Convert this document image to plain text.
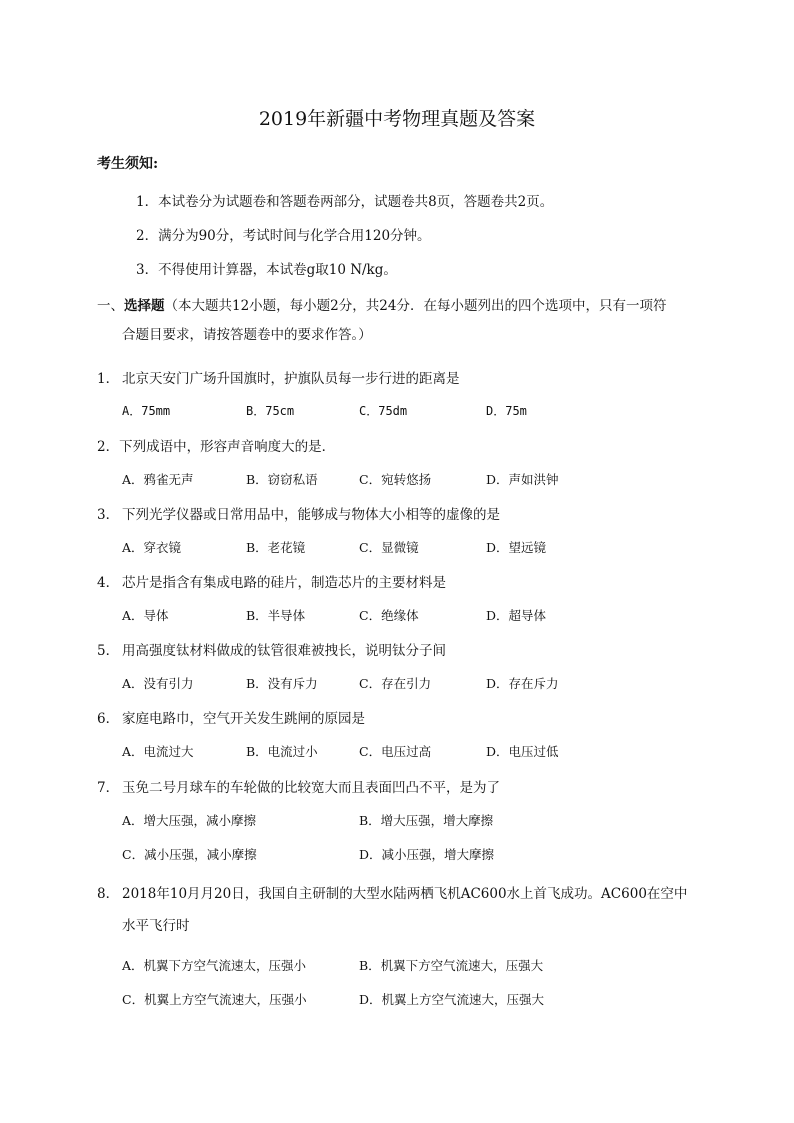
2019年新疆中考物理真题及答案
考生须知:
1．本试卷分为试题卷和答题卷两部分，试题卷共8页，答题卷共2页。
2．满分为90分，考试时间与化学合用120分钟。
3．不得使用计算器，本试卷g取10 N/kg。
一、选择题（本大题共12小题，每小题2分，共24分．在每小题列出的四个选项中，只有一项符
合题目要求，请按答题卷中的要求作答。）
1． 北京天安门广场升国旗时，护旗队员每一步行进的距离是
A．75mm	B．75cm	C．75dm	D．75m
2．下列成语中，形容声音响度大的是．
A．鸦雀无声	B．窃窃私语	C．宛转悠扬	D．声如洪钟
3． 下列光学仪器或日常用品中，能够成与物体大小相等的虚像的是
A．穿衣镜	B．老花镜	C．显微镜	D．望远镜
4． 芯片是指含有集成电路的硅片，制造芯片的主要材料是
A．导体	B．半导体	C．绝缘体	D．超导体
5． 用高强度钛材料做成的钛管很难被拽长，说明钛分子间
A．没有引力	B．没有斥力	C．存在引力	D．存在斥力
6． 家庭电路巾，空气开关发生跳闸的原园是
A．电流过大	B．电流过小	C．电压过高	D．电压过低
7． 玉免二号月球车的车轮做的比较宽大而且表面凹凸不平，是为了
A．增大压强，减小摩擦	B．增大压强，增大摩擦
C．减小压强，减小摩擦	D．减小压强，增大摩擦
8． 2018年10月月20日，我国自主研制的大型水陆两栖飞机AC600水上首飞成功。AC600在空中
水平飞行时
A．机翼下方空气流速太，压强小	B．机翼下方空气流速大，压强大
C．机翼上方空气流速大，压强小	D．机翼上方空气流速大，压强大
